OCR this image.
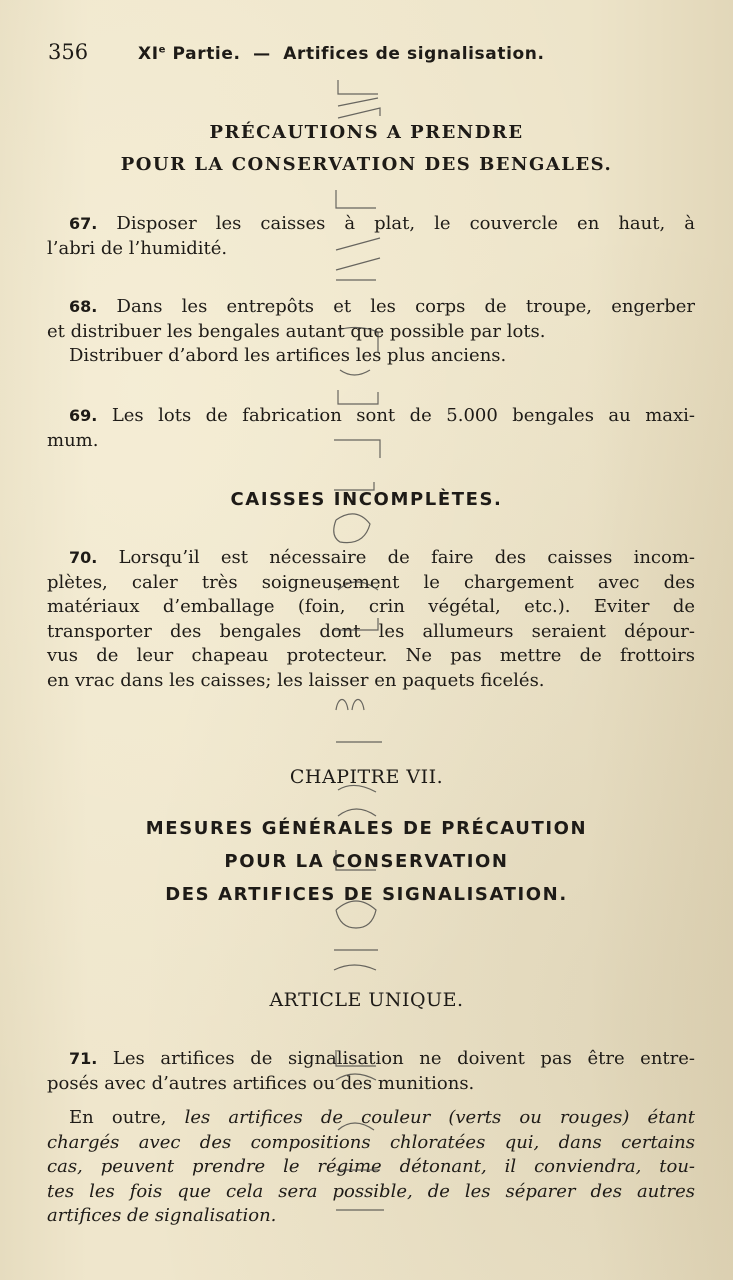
356	XIe Partie. — Artifices de signalisation.
PRÉCAUTIONS A PRENDRE
POUR LA CONSERVATION DES BENGALES.
67. Disposer les caisses à plat, le couvercle en haut, à
l’abri de l’humidité.
68. Dans les entrepôts et les corps de troupe, engerber
et distribuer les bengales autant que possible par lots.
Distribuer d’abord les artifices les plus anciens.
69. Les lots de fabrication sont de 5.000 bengales au maxi-
mum.
CAISSES INCOMPLÈTES.
70. Lorsqu’il est nécessaire de faire des caisses incom-
plètes, caler très soigneusement le chargement avec des
matériaux d’emballage (foin, crin végétal, etc.). Eviter de
transporter des bengales dont les allumeurs seraient dépour-
vus de leur chapeau protecteur. Ne pas mettre de frottoirs
en vrac dans les caisses; les laisser en paquets ficelés.
CHAPITRE VII.
MESURES GÉNÉRALES DE PRÉCAUTION
POUR LA CONSERVATION
DES ARTIFICES DE SIGNALISATION.
ARTICLE UNIQUE.
71. Les artifices de signalisation ne doivent pas être entre-
posés avec d’autres artifices ou des munitions.
En outre, les artifices de couleur (verts ou rouges) étant
chargés avec des compositions chloratées qui, dans certains
cas, peuvent prendre le régime détonant, il conviendra, tou-
tes les fois que cela sera possible, de les séparer des autres
artifices de signalisation.
